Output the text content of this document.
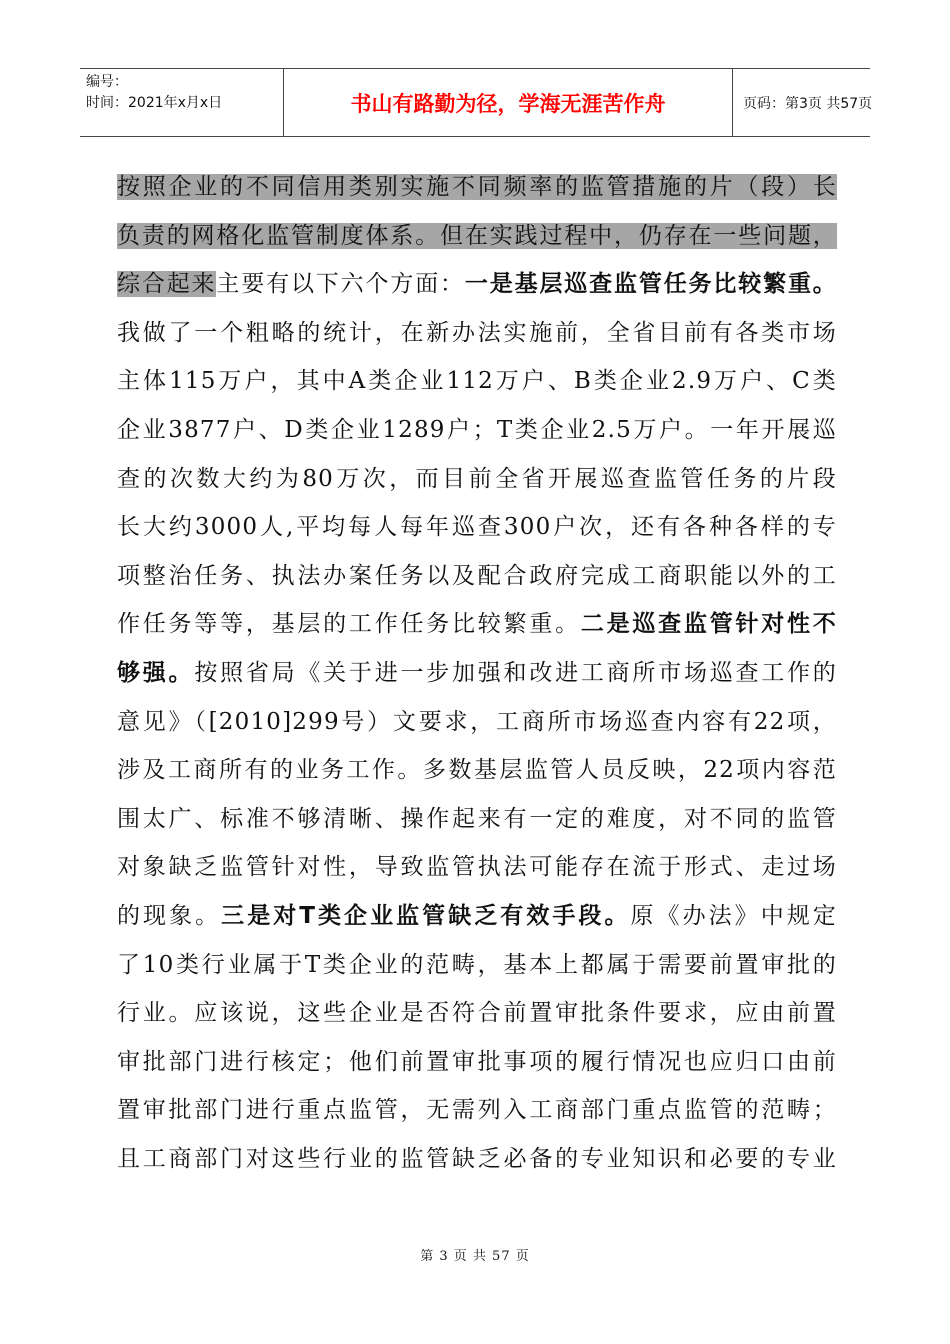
编号：
时间：2021年x月x日	书山有路勤为径，学海无涯苦作舟	页码：第3页 共57页
按照企业的不同信用类别实施不同频率的监管措施的片（段）长
负责的网格化监管制度体系。但在实践过程中，仍存在一些问题，
综合起来主要有以下六个方面：一是基层巡查监管任务比较繁重。
我做了一个粗略的统计，在新办法实施前，全省目前有各类市场
主体115万户，其中A类企业112万户、B类企业2.9万户、C类
企业3877户、D类企业1289户；T类企业2.5万户。一年开展巡
查的次数大约为80万次，而目前全省开展巡查监管任务的片段
长大约3000人,平均每人每年巡查300户次，还有各种各样的专
项整治任务、执法办案任务以及配合政府完成工商职能以外的工
作任务等等，基层的工作任务比较繁重。二是巡查监管针对性不
够强。按照省局《关于进一步加强和改进工商所市场巡查工作的
意见》（[2010]299号）文要求，工商所市场巡查内容有22项，
涉及工商所有的业务工作。多数基层监管人员反映，22项内容范
围太广、标准不够清晰、操作起来有一定的难度，对不同的监管
对象缺乏监管针对性，导致监管执法可能存在流于形式、走过场
的现象。三是对T类企业监管缺乏有效手段。原《办法》中规定
了10类行业属于T类企业的范畴，基本上都属于需要前置审批的
行业。应该说，这些企业是否符合前置审批条件要求，应由前置
审批部门进行核定；他们前置审批事项的履行情况也应归口由前
置审批部门进行重点监管，无需列入工商部门重点监管的范畴；
且工商部门对这些行业的监管缺乏必备的专业知识和必要的专业
第 3 页 共 57 页
